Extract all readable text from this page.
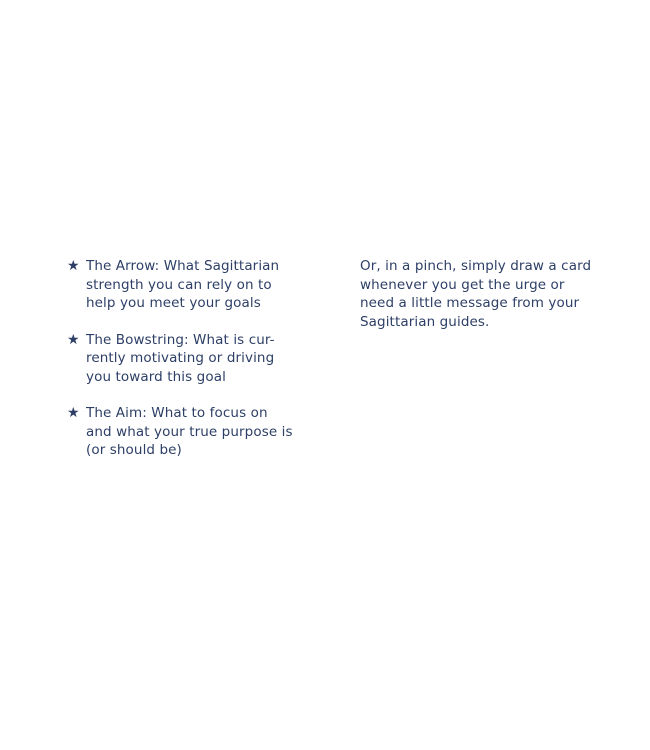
★ The Arrow: What Sagittarian
strength you can rely on to
help you meet your goals
★ The Bowstring: What is cur-
rently motivating or driving
you toward this goal
★ The Aim: What to focus on
and what your true purpose is
(or should be)
Or, in a pinch, simply draw a card
whenever you get the urge or
need a little message from your
Sagittarian guides.
